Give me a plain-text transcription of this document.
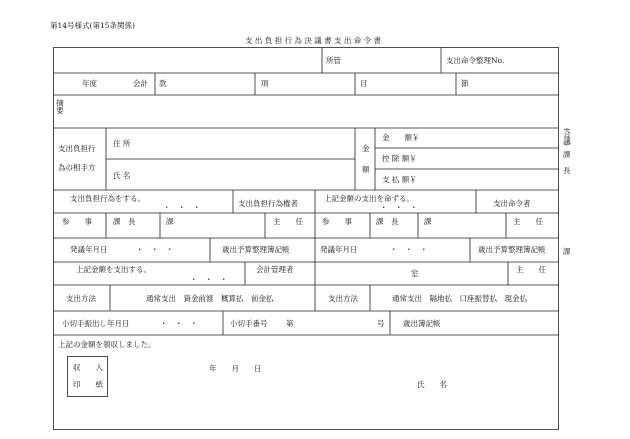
第14号様式(第15条関係)
支 出 負 担 行 為 決 議 書 支 出 命 令 書
所管	支出命令整理No.
年度	会計 款	項	目	節
摘要
支出負担行
為の相手方
住 所
氏 名
金
額
金　　額￥
控 除 額￥
支 払 額￥
(合議)
課
長
課
支出負担行為をする。
・　・　・	支出負担行為権者
上記金額の支出を命ずる。
・　・　・	支出命令者
参　　事	課　長	課	主　　任	参　　事	課　長	課	主　　任
発議年月日	・　・　・	歳出予算整理簿記帳	発議年月日	・　・　・	歳出予算整理簿記帳
上記金額を支出する。
・　・　・
会計管理者	室	主　　任
支出方法	通常支出　資金前渡　概算払　前金払	支出方法	通常支出　隔地払　口座振替払　現金払
小切手振出し年月日	・　・　・	小切手番号 第	号 歳出簿記帳
上記の金額を領収しました。
収　　入
印　　紙
年　　月　　日
氏　　名
